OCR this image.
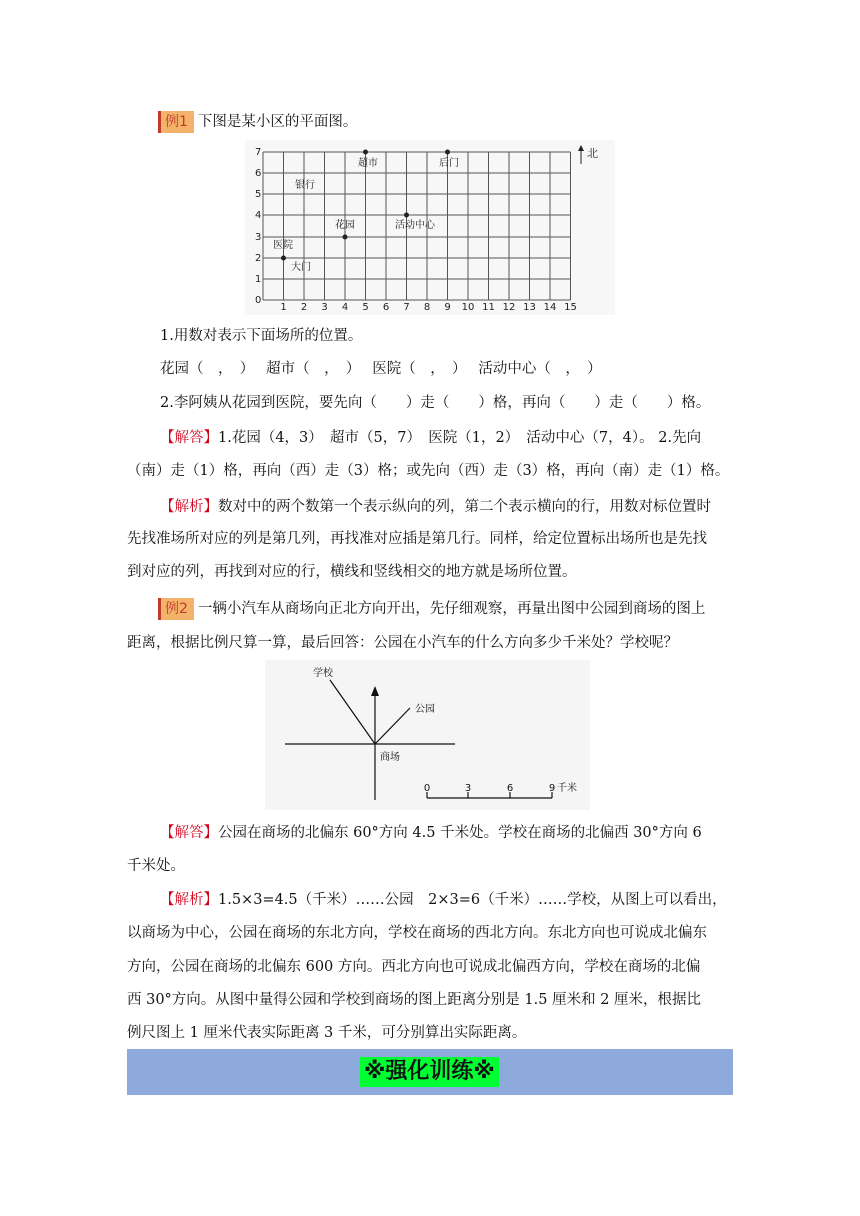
例1 下图是某小区的平面图。
0
1
2
3
4
5
6
7
1 2 3 4 5 6 7 8 9 10 11 12 13 14 15
北
超市	后门
银行
花园	活动中心
医院
大门
1.用数对表示下面场所的位置。
花园（　，　）　 超市（　，　）　 医院（　，　）　 活动中心（　，　）
2.李阿姨从花园到医院，要先向（　　）走（　　）格，再向（　　）走（　　）格。
【解答】1.花园（4，3）　超市（5，7）　医院（1，2）　活动中心（7，4）。 2.先向
（南）走（1）格，再向（西）走（3）格；或先向（西）走（3）格，再向（南）走（1）格。
【解析】数对中的两个数第一个表示纵向的列，第二个表示横向的行，用数对标位置时
先找准场所对应的列是第几列，再找准对应插是第几行。同样，给定位置标出场所也是先找
到对应的列，再找到对应的行，横线和竖线相交的地方就是场所位置。
例2 一辆小汽车从商场向正北方向开出，先仔细观察，再量出图中公园到商场的图上
距离，根据比例尺算一算，最后回答：公园在小汽车的什么方向多少千米处？学校呢？
学校
公园
商场
0	3	6	9 千米
【解答】公园在商场的北偏东 60°方向 4.5 千米处。学校在商场的北偏西 30°方向 6
千米处。
【解析】1.5×3=4.5（千米）……公园　2×3=6（千米）……学校，从图上可以看出，
以商场为中心，公园在商场的东北方向，学校在商场的西北方向。东北方向也可说成北偏东
方向，公园在商场的北偏东 600 方向。西北方向也可说成北偏西方向，学校在商场的北偏
西 30°方向。从图中量得公园和学校到商场的图上距离分别是 1.5 厘米和 2 厘米，根据比
例尺图上 1 厘米代表实际距离 3 千米，可分别算出实际距离。
※强化训练※
